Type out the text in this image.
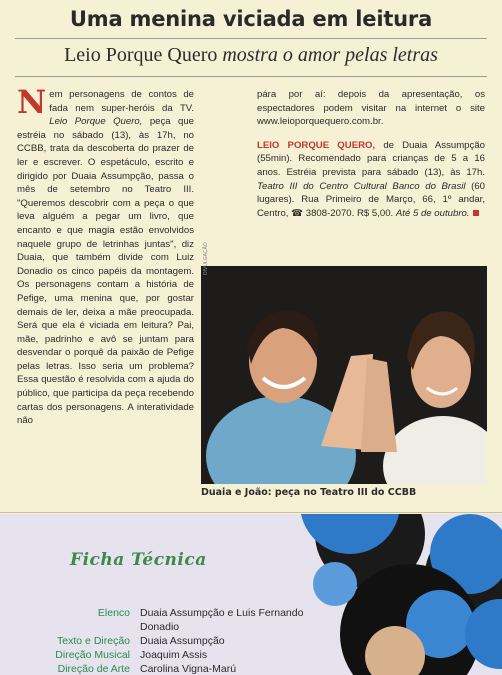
Uma menina viciada em leitura
Leio Porque Quero mostra o amor pelas letras
N em personagens de contos de fada nem super-heróis da TV. Leio Porque Quero, peça que estréia no sábado (13), às 17h, no CCBB, trata da descoberta do prazer de ler e escrever. O espetáculo, escrito e dirigido por Duaia Assumpção, passa o mês de setembro no Teatro III. "Queremos descobrir com a peça o que leva alguém a pegar um livro, que encanto e que magia estão envolvidos naquele grupo de letrinhas juntas", diz Duaia, que também divide com Luiz Donadio os cinco papéis da montagem. Os personagens contam a história de Pefige, uma menina que, por gostar demais de ler, deixa a mãe preocupada. Será que ela é viciada em leitura? Pai, mãe, padrinho e avô se juntam para desvendar o porquê da paixão de Pefige pelas letras. Isso seria um problema? Essa questão é resolvida com a ajuda do público, que participa da peça recebendo cartas dos personagens. A interatividade não
pára por aí: depois da apresentação, os espectadores podem visitar na internet o site www.leioporquequero.com.br.
LEIO PORQUE QUERO, de Duaia Assumpção (55min). Recomendado para crianças de 5 a 16 anos. Estréia prevista para sábado (13), às 17h. Teatro III do Centro Cultural Banco do Brasil (60 lugares). Rua Primeiro de Março, 66, 1º andar, Centro, ☎ 3808-2070. R$ 5,00. Até 5 de outubro.
DIVULGAÇÃO
Duaia e João: peça no Teatro III do CCBB
Ficha Técnica
Elenco Duaia Assumpção e Luis Fernando Donadio
Texto e Direção Duaia Assumpção
Direção Musical Joaquim Assis
Direção de Arte Carolina Vigna-Marú
